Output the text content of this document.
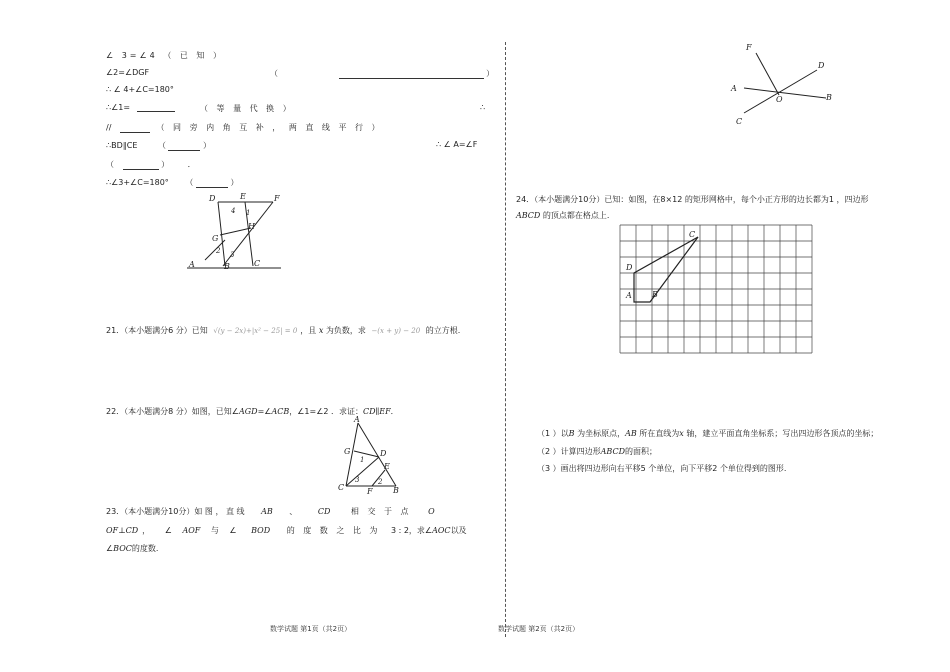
∠ 3=∠4 （ 已 知 ）
∠2=∠DGF	（	）
∴ ∠ 4+∠C=180°
∴∠1=	（ 等 量 代 换 ）	∴
//	（ 同 旁 内 角 互 补 ， 两 直 线 平 行 ）
∴BD∥CE	（	）	∴ ∠ A=∠F
（	） ．
∴∠3+∠C=180° （	）
D	E	F
G
H
A	B	C
1
2 3
4
21．（本小题满分6 分）已知 √(y − 2x)+|x² − 25| = 0 ，且 x 为负数，求 −(x + y) − 20 的立方根.
22．（本小题满分8 分）如图，已知∠AGD=∠ACB，∠1=∠2 ．求证：CD∥EF．
A
G	D
E
C	F	B
1
2
3
23．（本小题满分10分）如 图 ， 直 线 AB 、	CD	相 交 于 点 O
OF⊥CD ， ∠ AOF 与 ∠ BOD 的 度 数 之 比 为 3 : 2，求∠AOC以及
∠BOC的度数.
数学试题 第1页（共2页）
F
D
A
O	B
C
24．（本小题满分10分）已知：如图，在8×12 的矩形网格中，每个小正方形的边长都为1 ，四边形
ABCD 的顶点都在格点上.
C
D
A	B
（1 ）以B 为坐标原点，AB 所在直线为x 轴，建立平面直角坐标系；写出四边形各顶点的坐标；
（2 ）计算四边形ABCD的面积；
（3 ）画出将四边形向右平移5 个单位，向下平移2 个单位得到的图形.
数学试题 第2页（共2页）
